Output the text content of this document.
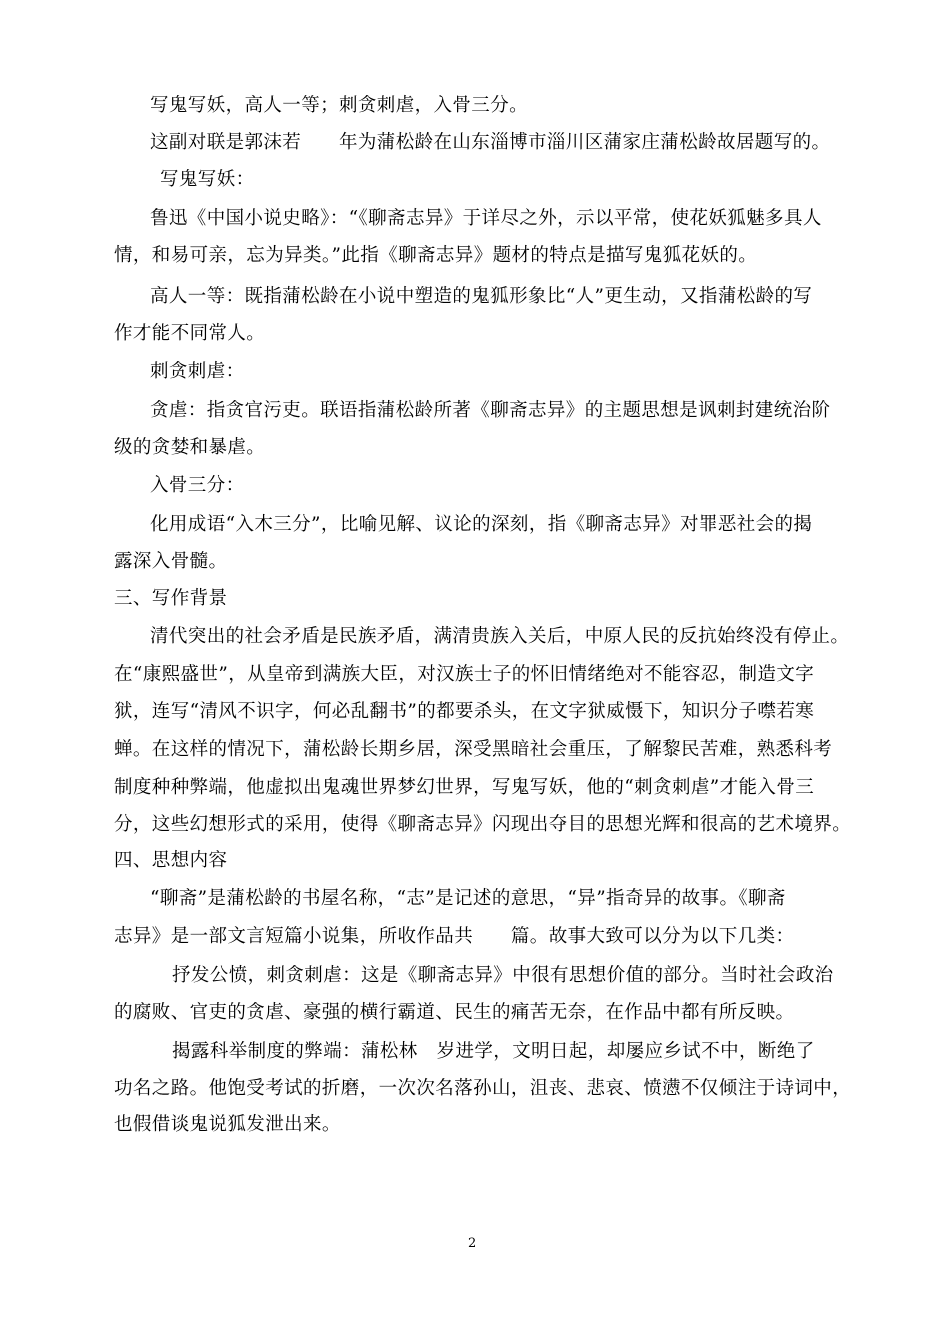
写鬼写妖，高人一等；刺贪刺虐，入骨三分。
这副对联是郭沫若　　年为蒲松龄在山东淄博市淄川区蒲家庄蒲松龄故居题写的。
写鬼写妖：
鲁迅《中国小说史略》：“《聊斋志异》于详尽之外，示以平常，使花妖狐魅多具人
情，和易可亲，忘为异类。”此指《聊斋志异》题材的特点是描写鬼狐花妖的。
高人一等：既指蒲松龄在小说中塑造的鬼狐形象比“人”更生动，又指蒲松龄的写
作才能不同常人。
刺贪刺虐：
贪虐：指贪官污吏。联语指蒲松龄所著《聊斋志异》的主题思想是讽刺封建统治阶
级的贪婪和暴虐。
入骨三分：
化用成语“入木三分”，比喻见解、议论的深刻，指《聊斋志异》对罪恶社会的揭
露深入骨髓。
三、写作背景
清代突出的社会矛盾是民族矛盾，满清贵族入关后，中原人民的反抗始终没有停止。
在“康熙盛世”，从皇帝到满族大臣，对汉族士子的怀旧情绪绝对不能容忍，制造文字
狱，连写“清风不识字，何必乱翻书”的都要杀头，在文字狱威慑下，知识分子噤若寒
蝉。在这样的情况下，蒲松龄长期乡居，深受黑暗社会重压，了解黎民苦难，熟悉科考
制度种种弊端，他虚拟出鬼魂世界梦幻世界，写鬼写妖，他的“刺贪刺虐”才能入骨三
分，这些幻想形式的采用，使得《聊斋志异》闪现出夺目的思想光辉和很高的艺术境界。
四、思想内容
“聊斋”是蒲松龄的书屋名称，“志”是记述的意思，“异”指奇异的故事。《聊斋
志异》是一部文言短篇小说集，所收作品共　　篇。故事大致可以分为以下几类：
抒发公愤，刺贪刺虐：这是《聊斋志异》中很有思想价值的部分。当时社会政治
的腐败、官吏的贪虐、豪强的横行霸道、民生的痛苦无奈，在作品中都有所反映。
揭露科举制度的弊端：蒲松林　岁进学，文明日起，却屡应乡试不中，断绝了
功名之路。他饱受考试的折磨，一次次名落孙山，沮丧、悲哀、愤懑不仅倾注于诗词中，
也假借谈鬼说狐发泄出来。
2
